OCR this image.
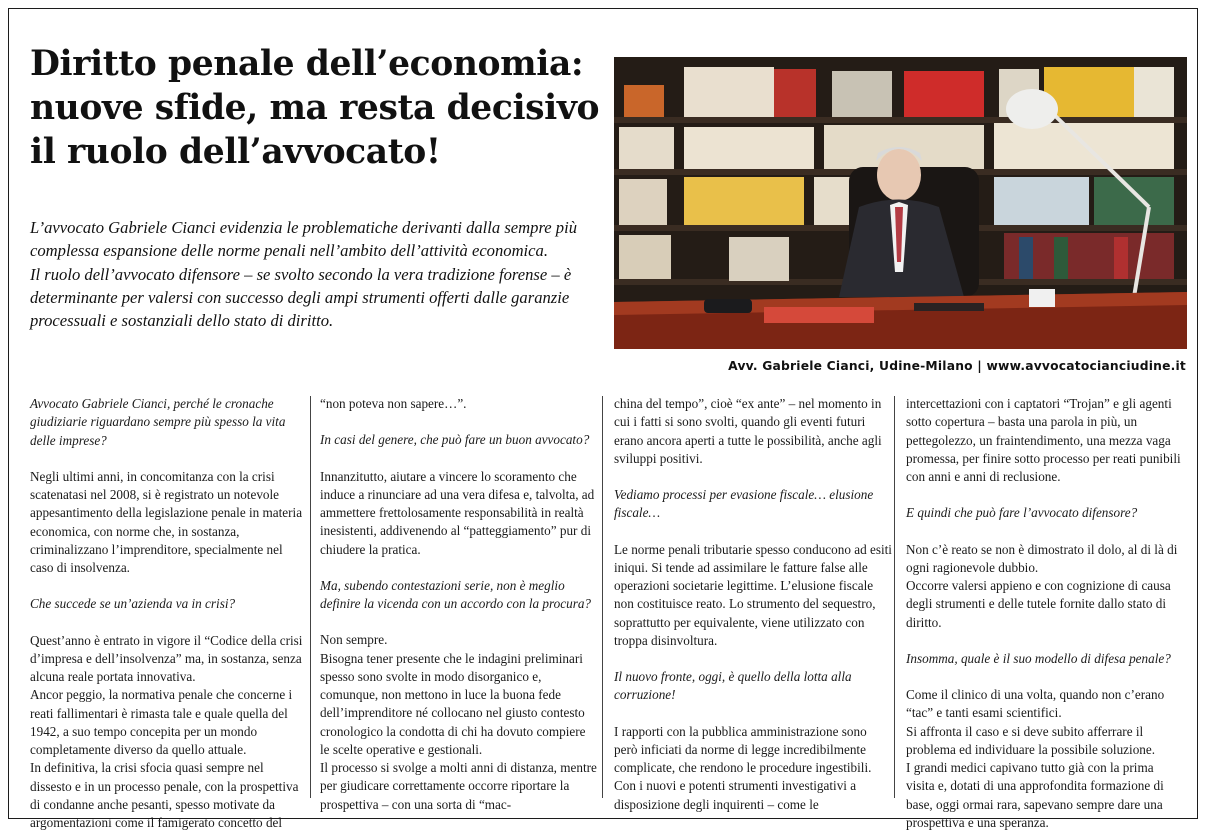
Diritto penale dell’economia:
nuove sfide, ma resta decisivo
il ruolo dell’avvocato!

L’avvocato Gabriele Cianci evidenzia le problematiche derivanti dalla sempre più complessa espansione delle norme penali nell’ambito dell’attività economica.

Il ruolo dell’avvocato difensore – se svolto secondo la vera tradizione forense – è determinante per valersi con successo degli ampi strumenti offerti dalle garanzie processuali e sostanziali dello stato di diritto.

Avv. Gabriele Cianci, Udine-Milano | www.avvocatocianciudine.it
Avvocato Gabriele Cianci, perché le cronache giudiziarie riguardano sempre più spesso la vita delle imprese?
Negli ultimi anni, in concomitanza con la crisi scatenatasi nel 2008, si è registrato un notevole appesantimento della legislazione penale in materia economica, con norme che, in sostanza, criminalizzano l’imprenditore, specialmente nel caso di insolvenza.
Che succede se un’azienda va in crisi?
Quest’anno è entrato in vigore il “Codice della crisi d’impresa e dell’insolvenza” ma, in sostanza, senza alcuna reale portata innovativa.
Ancor peggio, la normativa penale che concerne i reati fallimentari è rimasta tale e quale quella del 1942, a suo tempo concepita per un mondo completamente diverso da quello attuale.
In definitiva, la crisi sfocia quasi sempre nel dissesto e in un processo penale, con la prospettiva di condanne anche pesanti, spesso motivate da argomentazioni come il famigerato concetto del
“non poteva non sapere…”.
In casi del genere, che può fare un buon avvocato?
Innanzitutto, aiutare a vincere lo scoramento che induce a rinunciare ad una vera difesa e, talvolta, ad ammettere frettolosamente responsabilità in realtà inesistenti, addivenendo al “patteggiamento” pur di chiudere la pratica.
Ma, subendo contestazioni serie, non è meglio definire la vicenda con un accordo con la procura?
Non sempre.
Bisogna tener presente che le indagini preliminari spesso sono svolte in modo disorganico e, comunque, non mettono in luce la buona fede dell’imprenditore né collocano nel giusto contesto cronologico la condotta di chi ha dovuto compiere le scelte operative e gestionali.
Il processo si svolge a molti anni di distanza, mentre per giudicare correttamente occorre riportare la prospettiva – con una sorta di “mac-
china del tempo”, cioè “ex ante” – nel momento in cui i fatti si sono svolti, quando gli eventi futuri erano ancora aperti a tutte le possibilità, anche agli sviluppi positivi.
Vediamo processi per evasione fiscale… elusione fiscale…
Le norme penali tributarie spesso conducono ad esiti iniqui. Si tende ad assimilare le fatture false alle operazioni societarie legittime. L’elusione fiscale non costituisce reato. Lo strumento del sequestro, soprattutto per equivalente, viene utilizzato con troppa disinvoltura.
Il nuovo fronte, oggi, è quello della lotta alla corruzione!
I rapporti con la pubblica amministrazione sono però inficiati da norme di legge incredibilmente complicate, che rendono le procedure ingestibili.
Con i nuovi e potenti strumenti investigativi a disposizione degli inquirenti – come le
intercettazioni con i captatori “Trojan” e gli agenti sotto copertura – basta una parola in più, un pettegolezzo, un fraintendimento, una mezza vaga promessa, per finire sotto processo per reati punibili con anni e anni di reclusione.
E quindi che può fare l’avvocato difensore?
Non c’è reato se non è dimostrato il dolo, al di là di ogni ragionevole dubbio.
Occorre valersi appieno e con cognizione di causa degli strumenti e delle tutele fornite dallo stato di diritto.
Insomma, quale è il suo modello di difesa penale?
Come il clinico di una volta, quando non c’erano “tac” e tanti esami scientifici.
Si affronta il caso e si deve subito afferrare il problema ed individuare la possibile soluzione.
I grandi medici capivano tutto già con la prima visita e, dotati di una approfondita formazione di base, oggi ormai rara, sapevano sempre dare una prospettiva e una speranza.
